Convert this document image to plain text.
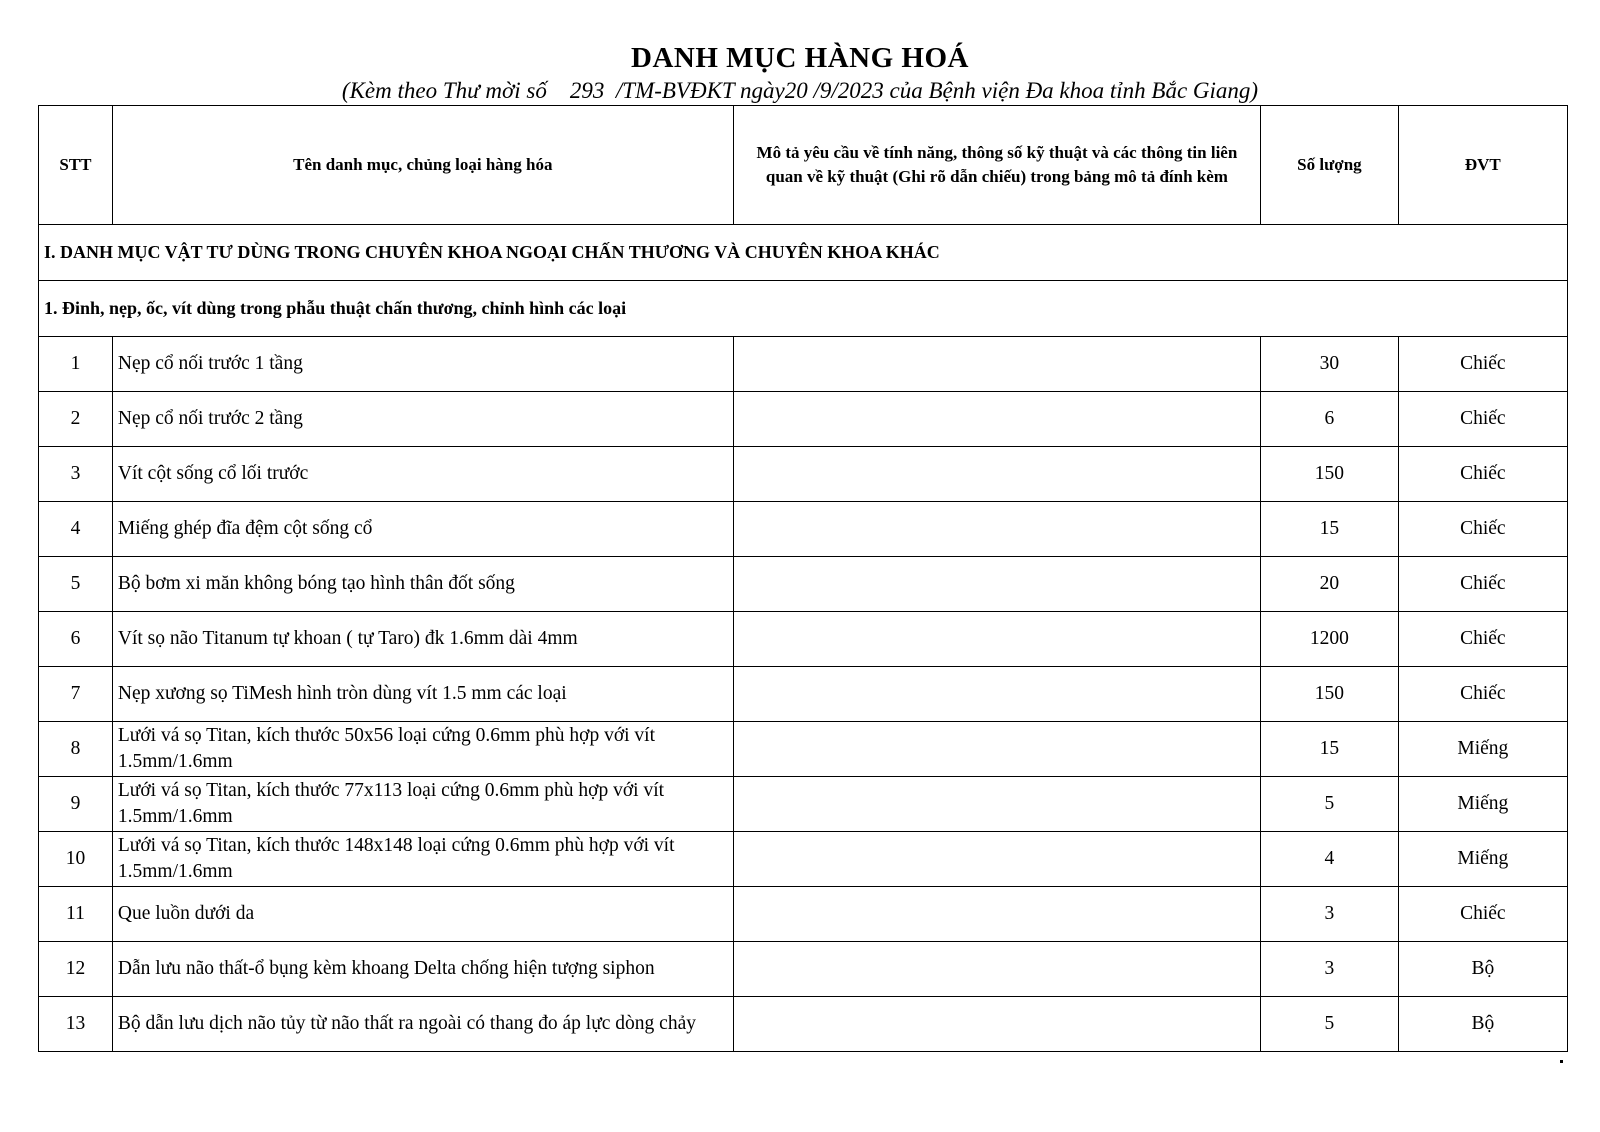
DANH MỤC HÀNG HOÁ
(Kèm theo Thư mời số    293  /TM-BVĐKT ngày20 /9/2023 của Bệnh viện Đa khoa tỉnh Bắc Giang)
STT	Tên danh mục, chủng loại hàng hóa	Mô tả yêu cầu về tính năng, thông số kỹ thuật và các thông tin liên quan về kỹ thuật (Ghi rõ dẫn chiếu) trong bảng mô tả đính kèm	Số lượng	ĐVT
I. DANH MỤC VẬT TƯ DÙNG TRONG CHUYÊN KHOA NGOẠI CHẤN THƯƠNG VÀ CHUYÊN KHOA KHÁC				
1. Đinh, nẹp, ốc, vít dùng trong phẫu thuật chấn thương, chỉnh hình các loại				
1	Nẹp cổ nối trước 1 tầng		30	Chiếc
2	Nẹp cổ nối trước 2 tầng		6	Chiếc
3	Vít cột sống cổ lối trước		150	Chiếc
4	Miếng ghép đĩa đệm cột sống cổ		15	Chiếc
5	Bộ bơm xi măn không bóng tạo hình thân đốt sống		20	Chiếc
6	Vít sọ não Titanum tự khoan ( tự Taro) đk 1.6mm dài 4mm		1200	Chiếc
7	Nẹp xương sọ TiMesh hình tròn dùng vít 1.5 mm các loại		150	Chiếc
8	Lưới vá sọ Titan, kích thước 50x56 loại cứng 0.6mm phù hợp với vít 1.5mm/1.6mm		15	Miếng
9	Lưới vá sọ Titan, kích thước 77x113 loại cứng 0.6mm phù hợp với vít 1.5mm/1.6mm		5	Miếng
10	Lưới vá sọ Titan, kích thước 148x148 loại cứng 0.6mm phù hợp với vít 1.5mm/1.6mm		4	Miếng
11	Que luồn dưới da		3	Chiếc
12	Dẫn lưu não thất-ổ bụng kèm khoang Delta chống hiện tượng siphon		3	Bộ
13	Bộ dẫn lưu dịch não tủy từ não thất ra ngoài có thang đo áp lực dòng chảy		5	Bộ
